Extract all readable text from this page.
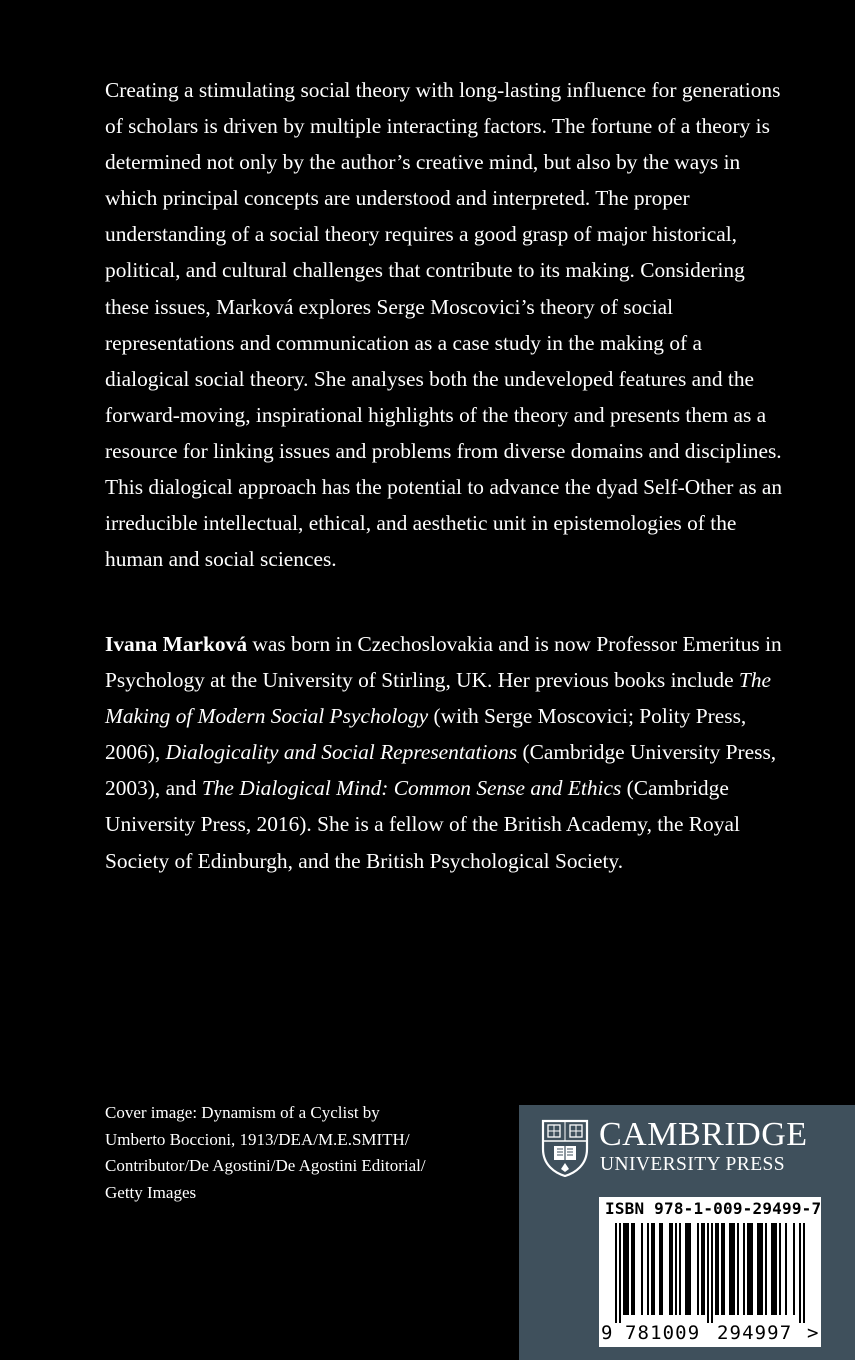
Creating a stimulating social theory with long-lasting influence for generations of scholars is driven by multiple interacting factors. The fortune of a theory is determined not only by the author’s creative mind, but also by the ways in which principal concepts are understood and interpreted. The proper understanding of a social theory requires a good grasp of major historical, political, and cultural challenges that contribute to its making. Considering these issues, Marková explores Serge Moscovici’s theory of social representations and communication as a case study in the making of a dialogical social theory. She analyses both the undeveloped features and the forward-moving, inspirational highlights of the theory and presents them as a resource for linking issues and problems from diverse domains and disciplines. This dialogical approach has the potential to advance the dyad Self-Other as an irreducible intellectual, ethical, and aesthetic unit in epistemologies of the human and social sciences.

Ivana Marková was born in Czechoslovakia and is now Professor Emeritus in Psychology at the University of Stirling, UK. Her previous books include The Making of Modern Social Psychology (with Serge Moscovici; Polity Press, 2006), Dialogicality and Social Representations (Cambridge University Press, 2003), and The Dialogical Mind: Common Sense and Ethics (Cambridge University Press, 2016). She is a fellow of the British Academy, the Royal Society of Edinburgh, and the British Psychological Society.

Cover image: Dynamism of a Cyclist by
Umberto Boccioni, 1913/DEA/M.E.SMITH/
Contributor/De Agostini/De Agostini Editorial/
Getty Images
CAMBRIDGE
UNIVERSITY PRESS
ISBN 978-1-009-29499-7
9 781009 294997 >
